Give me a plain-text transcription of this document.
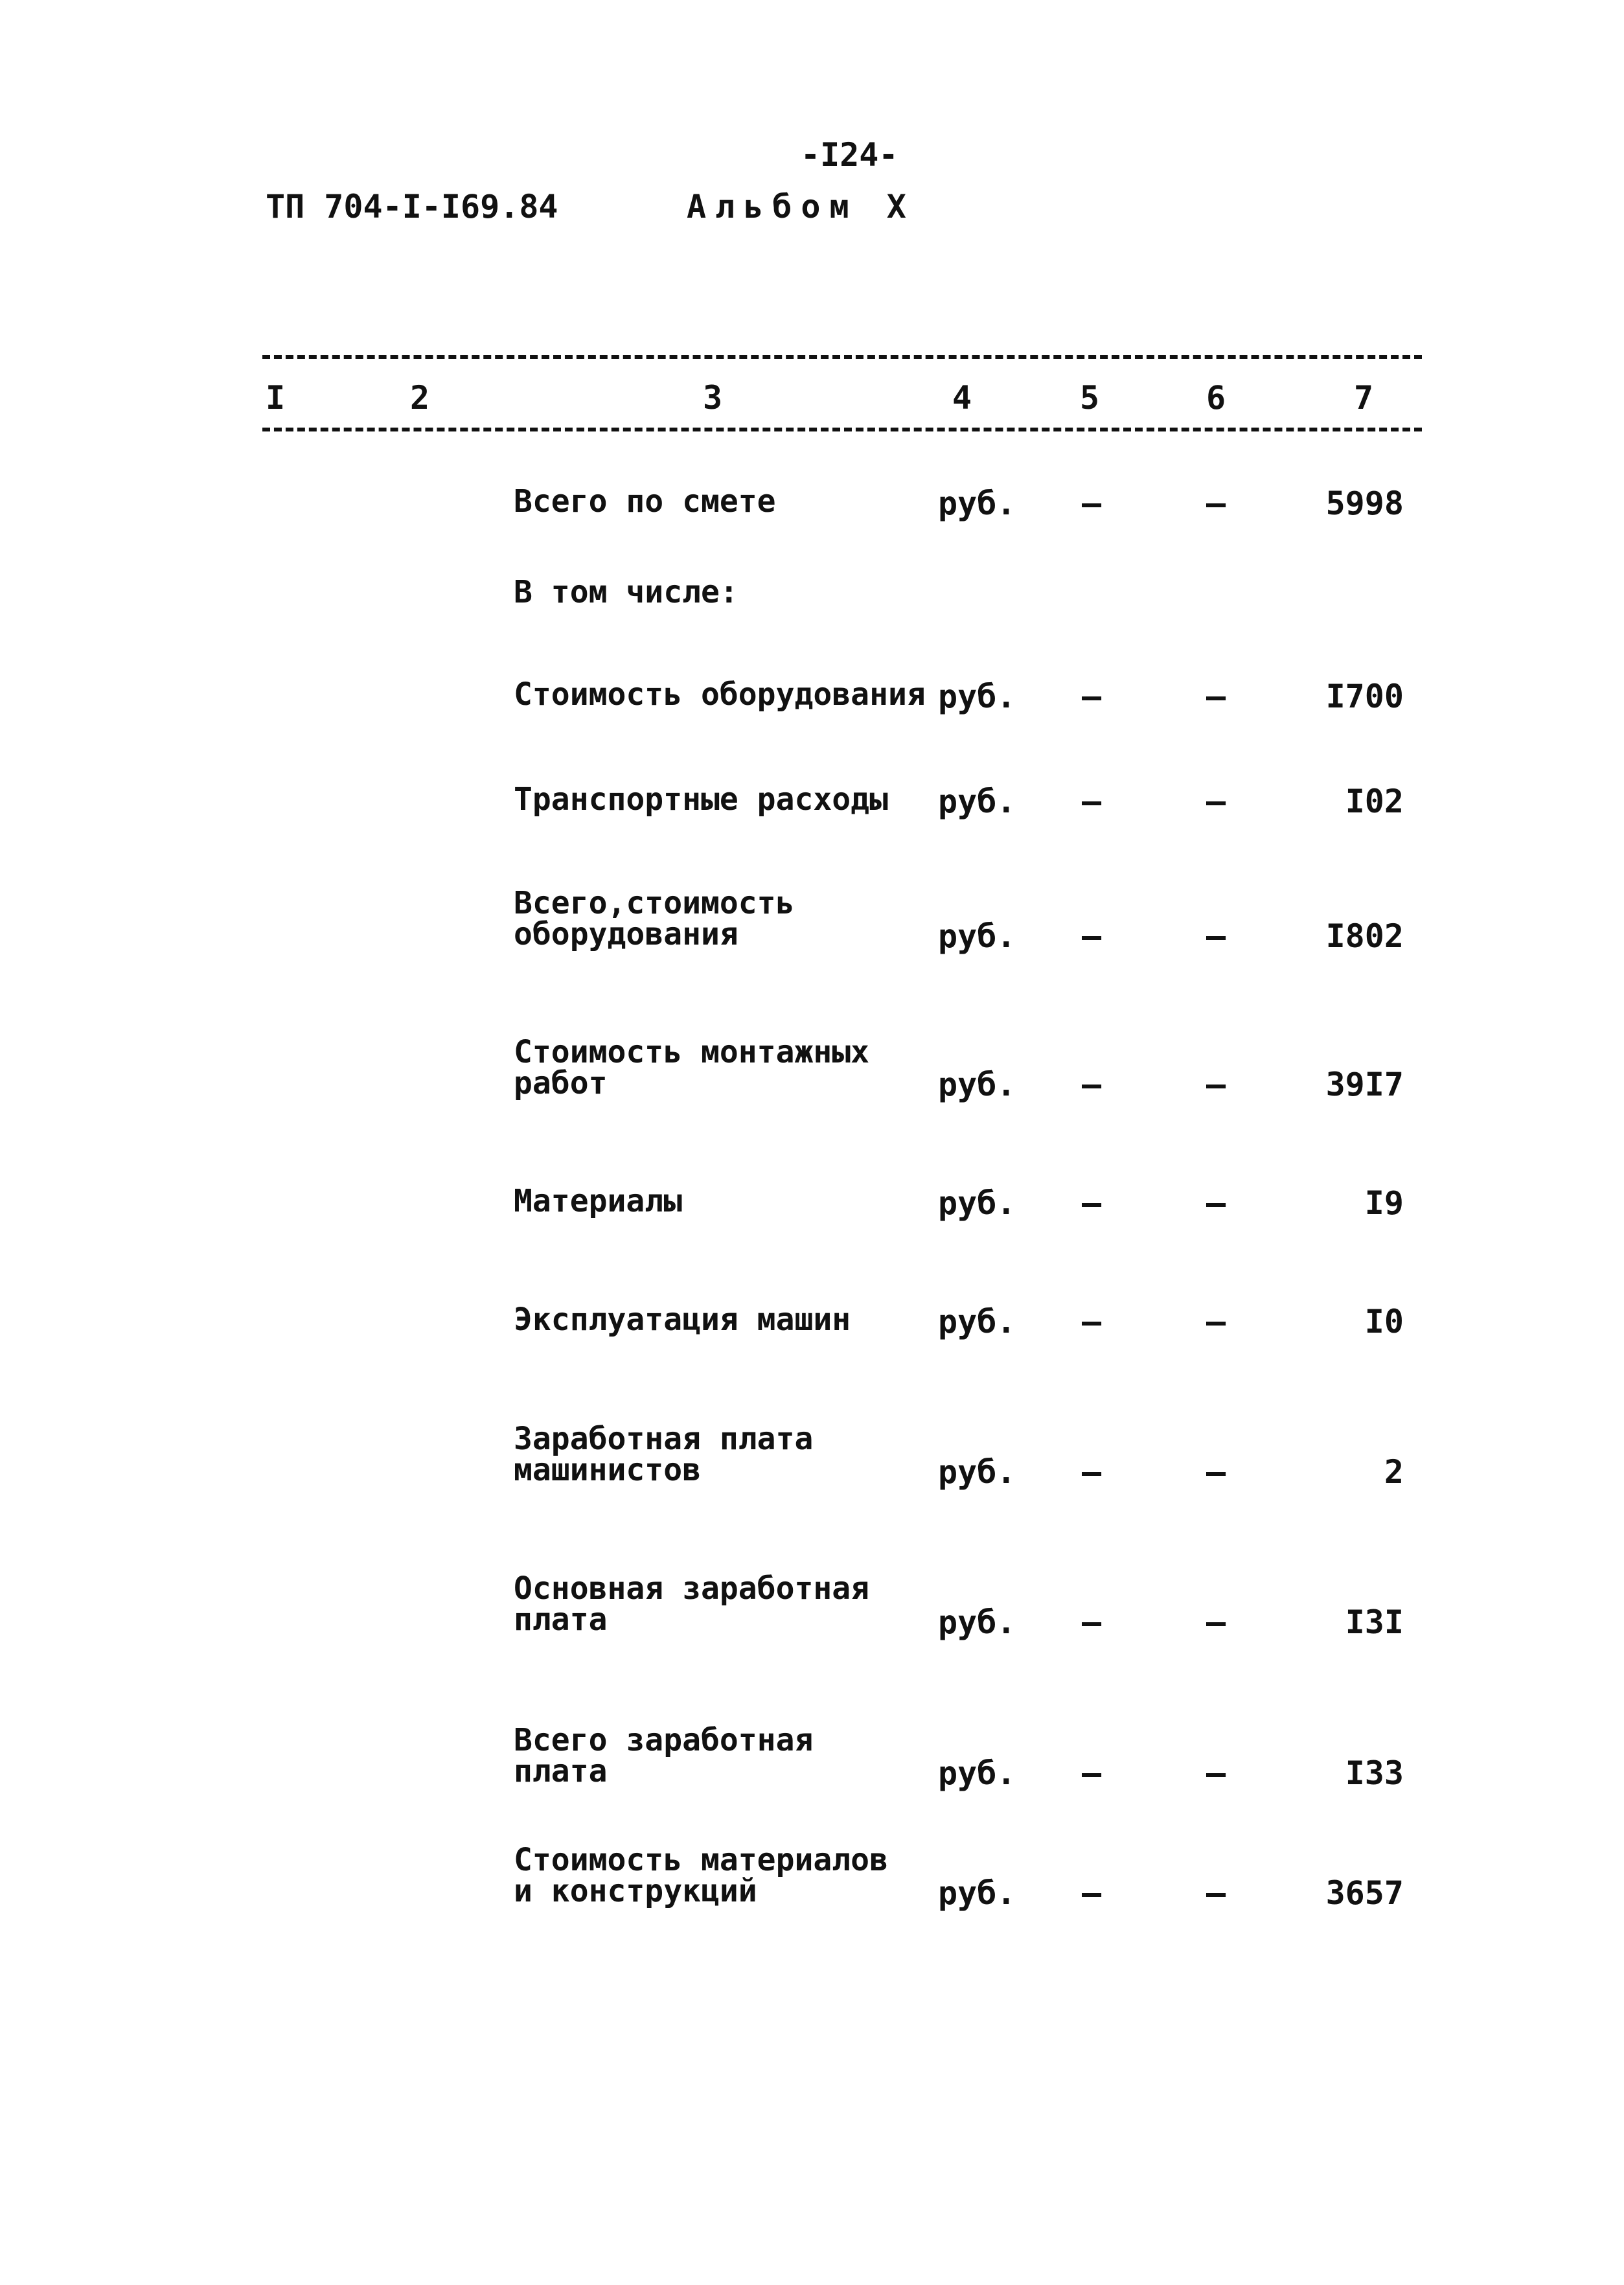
-I24-
ТП 704-I-I69.84	Альбом X
I	2	3	4	5	6	7
Всего по смете	руб. –	–	5998
В том числе:
Стоимость оборудования руб. –	–	I700
Транспортные расходы руб. –	–	I02
Всего,стоимость
оборудования	руб. –	–	I802
Стоимость монтажных
работ	руб. –	–	39I7
Материалы	руб. –	–	I9
Эксплуатация машин	руб. –	–	I0
Заработная плата
машинистов	руб. –	–	2
Основная заработная
плата	руб. –	–	I3I
Всего заработная
плата	руб. –	–	I33
Стоимость материалов
и конструкций	руб. –	–	3657
